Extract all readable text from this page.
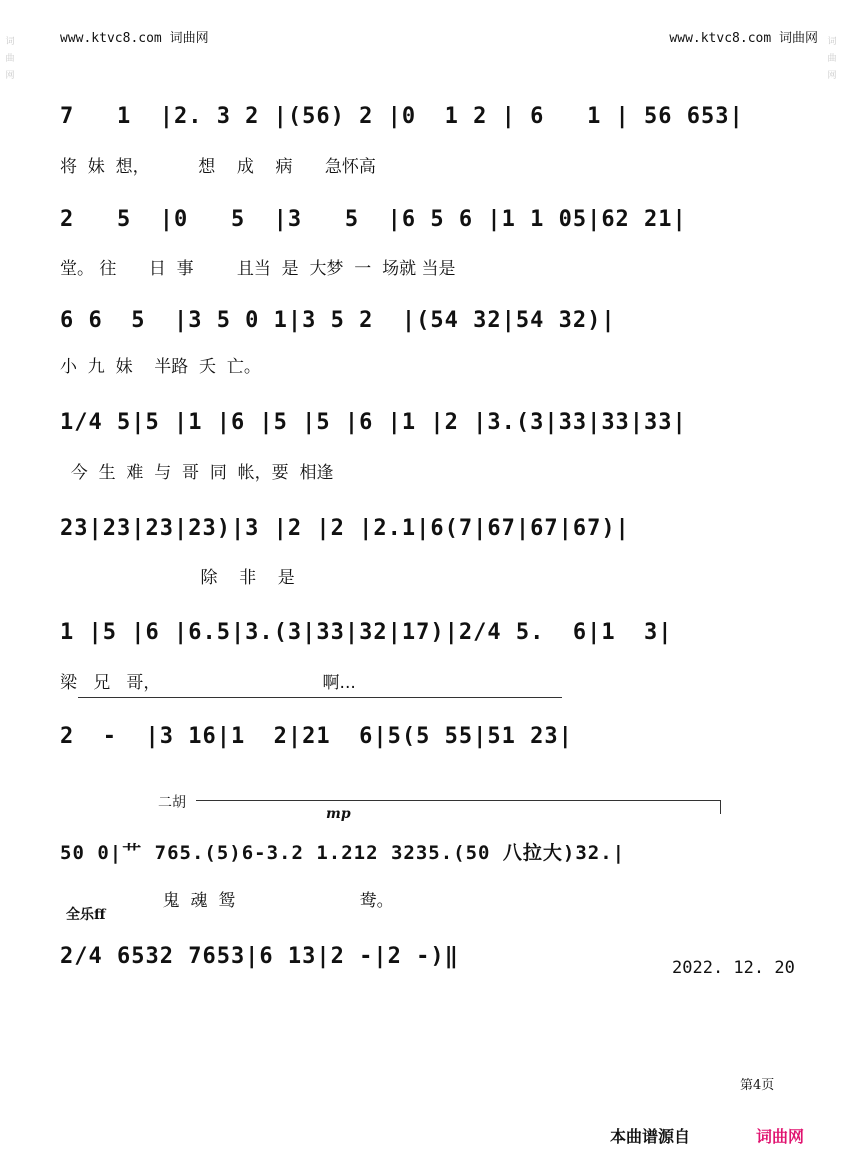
词
曲
网

词
曲
网

www.ktvc8.com 词曲网	www.ktvc8.com 词曲网
7   1  |2. 3 2 |(56) 2 |0  1 2 | 6   1 | 56 653|
将  妹  想，         想    成    病      急怀高
2   5  |0   5  |3   5  |6 5 6 |1 1 05|62 21|
堂。 往      日  事        且当  是  大梦  一  场就 当是
6 6  5  |3 5 0 1|3 5 2  |(54 32|54 32)|
小  九  妹    半路  夭  亡。
1/4 5|5 |1 |6 |5 |5 |6 |1 |2 |3.(3|33|33|33|
今  生  难  与  哥  同  帐，要  相逢
23|23|23|23)|3 |2 |2 |2.1|6(7|67|67|67)|
除    非    是
1 |5 |6 |6.5|3.(3|33|32|17)|2/4 5.  6|1  3|
梁   兄   哥，                              啊...
2  -  |3 16|1  2|21  6|5(5 55|51 23|
二胡
mp
50 0|艹 765.(5)6-3.2 1.212 3235.(50 八拉大)32.|
鬼  魂  鸳                       鸯。
全乐ff
2/4 6532 7653|6 13|2 -|2 -)‖	2022. 12. 20
第4页
本曲谱源自	词曲网
